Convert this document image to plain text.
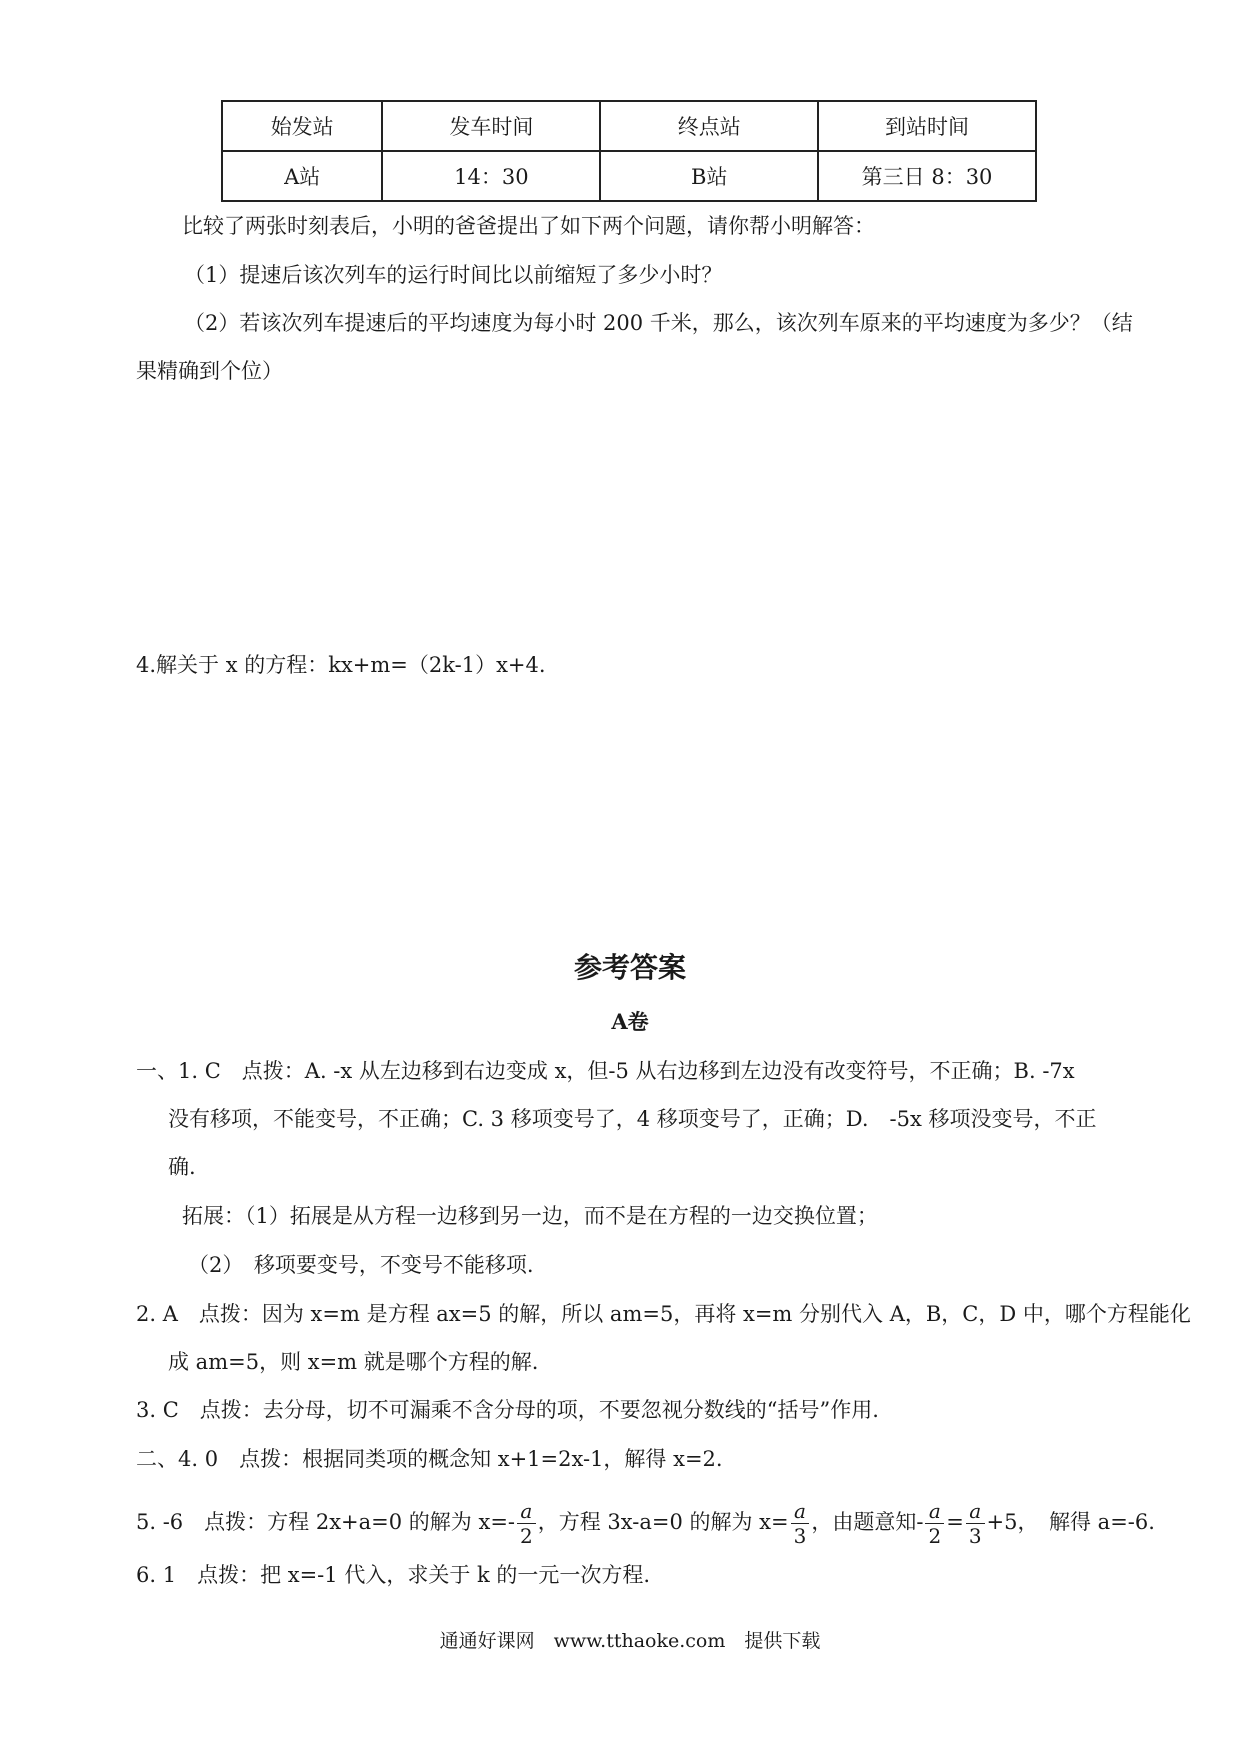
始发站	发车时间	终点站	到站时间
A站	14：30	B站	第三日 8：30
比较了两张时刻表后，小明的爸爸提出了如下两个问题，请你帮小明解答：
（1）提速后该次列车的运行时间比以前缩短了多少小时？
（2）若该次列车提速后的平均速度为每小时 200 千米，那么，该次列车原来的平均速度为多少？（结
果精确到个位）
4.解关于 x 的方程：kx+m=（2k-1）x+4.
参考答案
A卷
一、1. C　点拨：A. -x 从左边移到右边变成 x，但-5 从右边移到左边没有改变符号，不正确；B. -7x
没有移项，不能变号，不正确；C. 3 移项变号了，4 移项变号了，正确；D.　-5x 移项没变号，不正
确.
拓展：（1）拓展是从方程一边移到另一边，而不是在方程的一边交换位置；
（2）　移项要变号，不变号不能移项.
2. A　点拨：因为 x=m 是方程 ax=5 的解，所以 am=5，再将 x=m 分别代入 A，B，C，D 中，哪个方程能化
成 am=5，则 x=m 就是哪个方程的解.
3. C　点拨：去分母，切不可漏乘不含分母的项，不要忽视分数线的“括号”作用.
二、4. 0　点拨：根据同类项的概念知 x+1=2x-1，解得 x=2.
5. -6　点拨：方程 2x+a=0 的解为 $x=- \frac{a}{2}$ ，方程 3x-a=0 的解为 $x= \frac{a}{3}$ ，由题意知- $\frac{a}{2} = \frac{a}{3} +5$，　解得 a=-6.
6. 1　点拨：把 x=-1 代入，求关于 k 的一元一次方程.
通通好课网　www.tthaoke.com　提供下载
